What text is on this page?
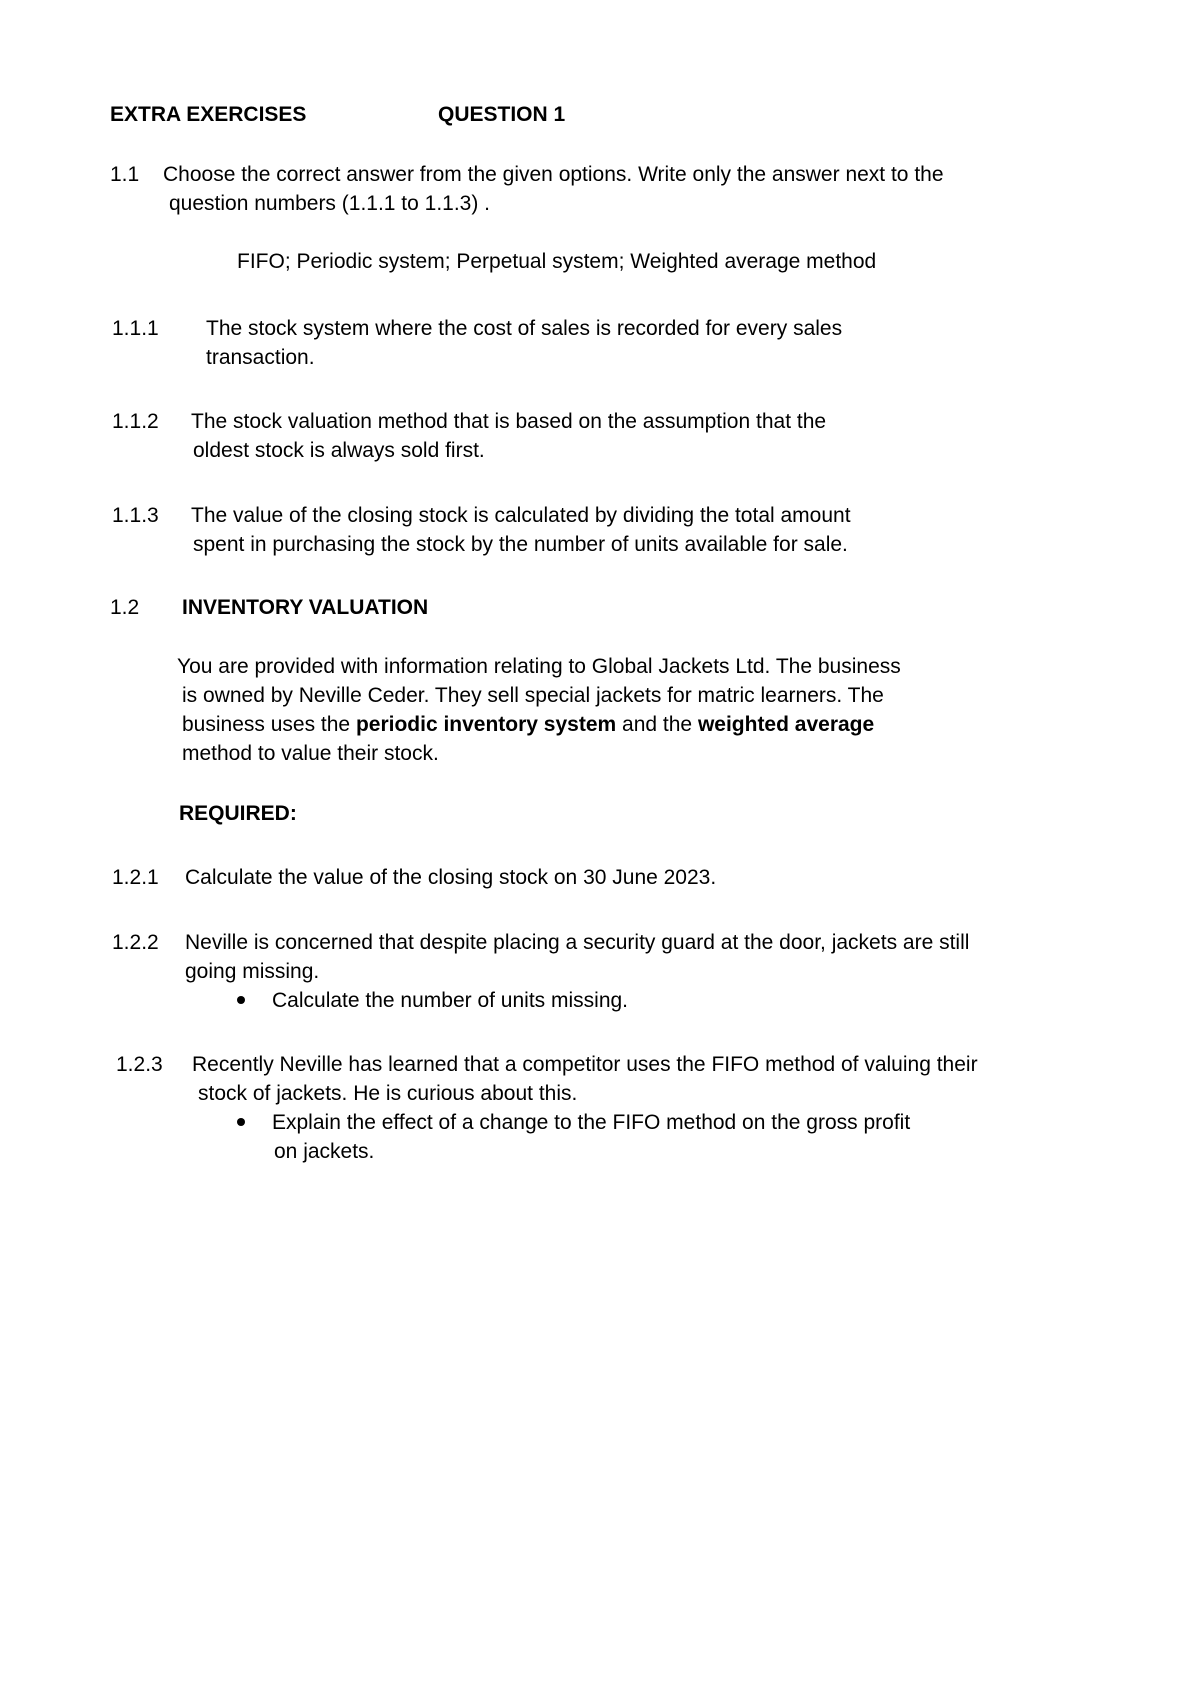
EXTRA EXERCISES	QUESTION 1
1.1 Choose the correct answer from the given options. Write only the answer next to the
question numbers (1.1.1 to 1.1.3) .
FIFO; Periodic system; Perpetual system; Weighted average method
1.1.1 The stock system where the cost of sales is recorded for every sales
transaction.
1.1.2 The stock valuation method that is based on the assumption that the
oldest stock is always sold first.
1.1.3 The value of the closing stock is calculated by dividing the total amount
spent in purchasing the stock by the number of units available for sale.
1.2 INVENTORY VALUATION
You are provided with information relating to Global Jackets Ltd. The business
is owned by Neville Ceder. They sell special jackets for matric learners. The
business uses the periodic inventory system and the weighted average
method to value their stock.
REQUIRED:
1.2.1 Calculate the value of the closing stock on 30 June 2023.
1.2.2 Neville is concerned that despite placing a security guard at the door, jackets are still
going missing.
Calculate the number of units missing.
1.2.3 Recently Neville has learned that a competitor uses the FIFO method of valuing their
stock of jackets. He is curious about this.
Explain the effect of a change to the FIFO method on the gross profit
on jackets.
